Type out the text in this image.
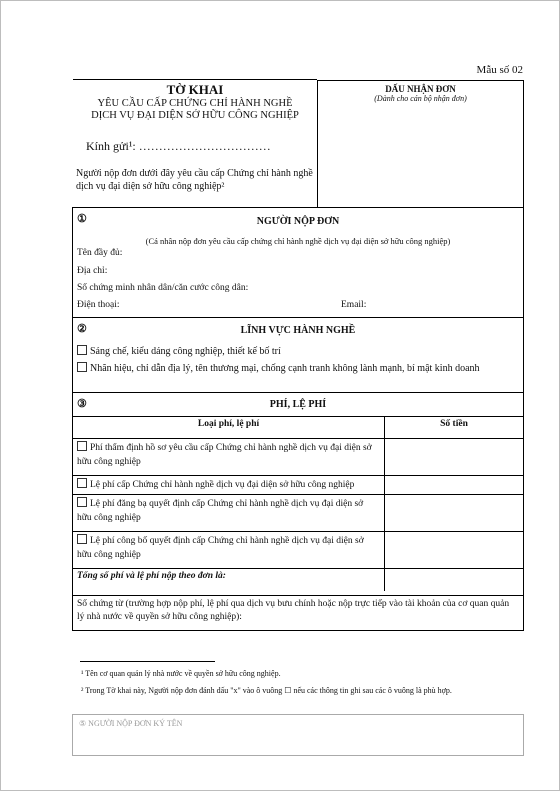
Mẫu số 02
TỜ KHAI
YÊU CẦU CẤP CHỨNG CHỈ HÀNH NGHỀ
DỊCH VỤ ĐẠI DIỆN SỞ HỮU CÔNG NGHIỆP
Kính gửi¹: ……………………………
Người nộp đơn dưới đây yêu cầu cấp Chứng chỉ hành nghề dịch vụ đại diện sở hữu công nghiệp²
DẤU NHẬN ĐƠN
(Dành cho cán bộ nhận đơn)
①	NGƯỜI NỘP ĐƠN
(Cá nhân nộp đơn yêu cầu cấp chứng chỉ hành nghề dịch vụ đại diện sở hữu công nghiệp)
Tên đầy đủ:
Địa chỉ:
Số chứng minh nhân dân/căn cước công dân:
Điện thoại:	Email:
②	LĨNH VỰC HÀNH NGHỀ
Sáng chế, kiểu dáng công nghiệp, thiết kế bố trí
Nhãn hiệu, chỉ dẫn địa lý, tên thương mại, chống cạnh tranh không lành mạnh, bí mật kinh doanh
③	PHÍ, LỆ PHÍ
Loại phí, lệ phí	Số tiền
Phí thẩm định hồ sơ yêu cầu cấp Chứng chỉ hành nghề dịch vụ đại diện sở hữu công nghiệp	
Lệ phí cấp Chứng chỉ hành nghề dịch vụ đại diện sở hữu công nghiệp	
Lệ phí đăng bạ quyết định cấp Chứng chỉ hành nghề dịch vụ đại diện sở hữu công nghiệp	
Lệ phí công bố quyết định cấp Chứng chỉ hành nghề dịch vụ đại diện sở hữu công nghiệp	
Tổng số phí và lệ phí nộp theo đơn là:	
Số chứng từ (trường hợp nộp phí, lệ phí qua dịch vụ bưu chính hoặc nộp trực tiếp vào tài khoản của cơ quan quản lý nhà nước về quyền sở hữu công nghiệp):
¹ Tên cơ quan quản lý nhà nước về quyền sở hữu công nghiệp.
² Trong Tờ khai này, Người nộp đơn đánh dấu "x" vào ô vuông ☐ nếu các thông tin ghi sau các ô vuông là phù hợp.
⑤ NGƯỜI NỘP ĐƠN KÝ TÊN
